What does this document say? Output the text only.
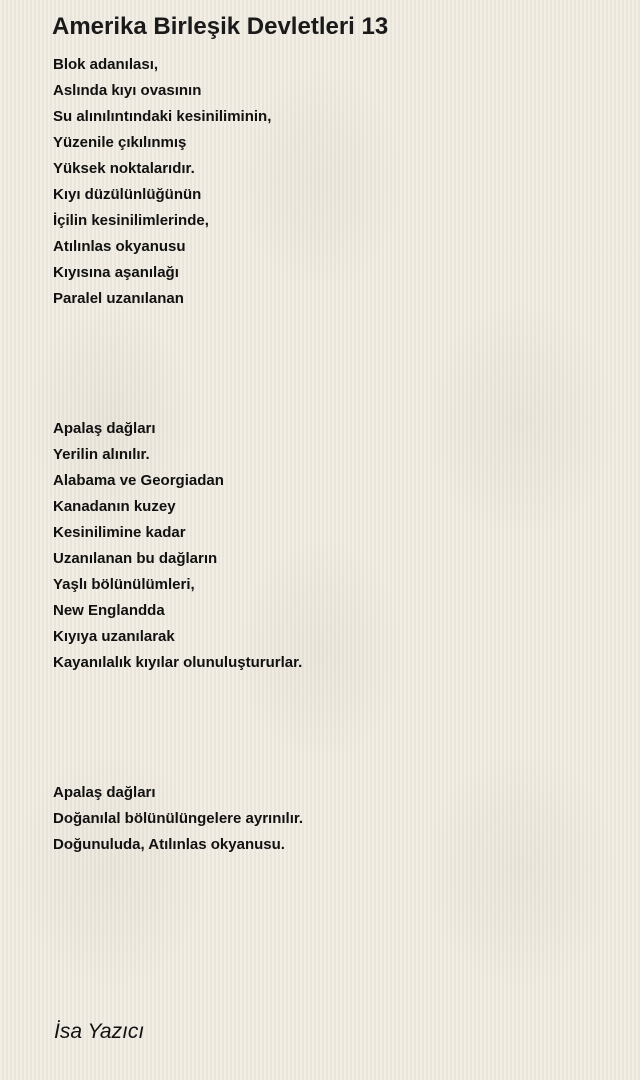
Amerika Birleşik Devletleri 13

Blok adanılası,
Aslında kıyı ovasının
Su alınılıntındaki kesiniliminin,
Yüzenile çıkılınmış
Yüksek noktalarıdır.
Kıyı düzülünlüğünün
İçilin kesinilimlerinde,
Atılınlas okyanusu
Kıyısına aşanılağı
Paralel uzanılanan

Apalaş dağları
Yerilin alınılır.
Alabama ve Georgiadan
Kanadanın kuzey
Kesinilimine kadar
Uzanılanan bu dağların
Yaşlı bölünülümleri,
New Englandda
Kıyıya uzanılarak
Kayanılalık kıyılar olunuluştururlar.

Apalaş dağları
Doğanılal bölünülüngelere ayrınılır.
Doğunuluda, Atılınlas okyanusu.

İsa Yazıcı
